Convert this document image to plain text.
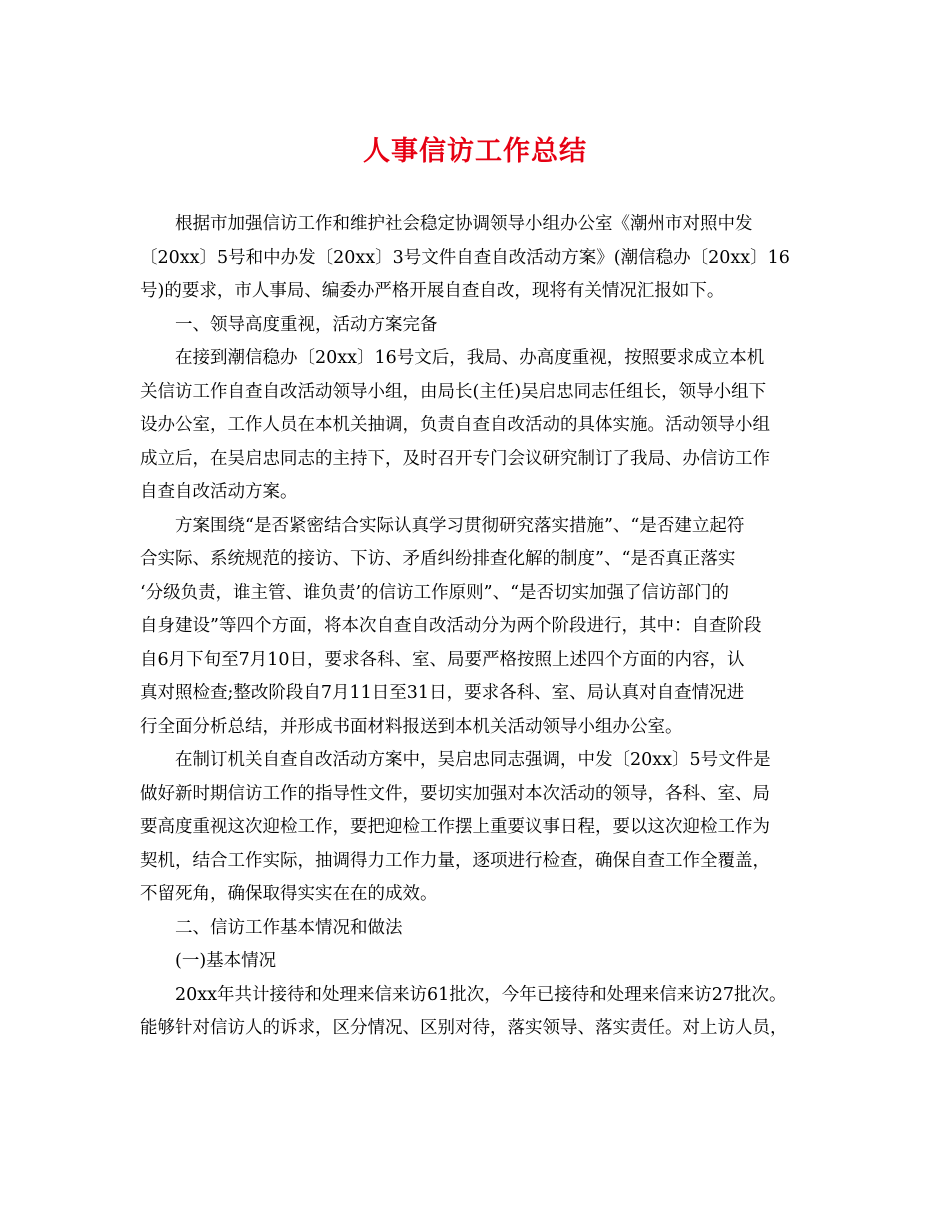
人事信访工作总结
根据市加强信访工作和维护社会稳定协调领导小组办公室《潮州市对照中发
〔20xx〕5号和中办发〔20xx〕3号文件自查自改活动方案》(潮信稳办〔20xx〕16
号)的要求，市人事局、编委办严格开展自查自改，现将有关情况汇报如下。
一、领导高度重视，活动方案完备
在接到潮信稳办〔20xx〕16号文后，我局、办高度重视，按照要求成立本机
关信访工作自查自改活动领导小组，由局长(主任)吴启忠同志任组长，领导小组下
设办公室，工作人员在本机关抽调，负责自查自改活动的具体实施。活动领导小组
成立后，在吴启忠同志的主持下，及时召开专门会议研究制订了我局、办信访工作
自查自改活动方案。
方案围绕“是否紧密结合实际认真学习贯彻研究落实措施”、“是否建立起符
合实际、系统规范的接访、下访、矛盾纠纷排查化解的制度”、“是否真正落实
‘分级负责，谁主管、谁负责’的信访工作原则”、“是否切实加强了信访部门的
自身建设”等四个方面，将本次自查自改活动分为两个阶段进行，其中：自查阶段
自6月下旬至7月10日，要求各科、室、局要严格按照上述四个方面的内容，认
真对照检查;整改阶段自7月11日至31日，要求各科、室、局认真对自查情况进
行全面分析总结，并形成书面材料报送到本机关活动领导小组办公室。
在制订机关自查自改活动方案中，吴启忠同志强调，中发〔20xx〕5号文件是
做好新时期信访工作的指导性文件，要切实加强对本次活动的领导，各科、室、局
要高度重视这次迎检工作，要把迎检工作摆上重要议事日程，要以这次迎检工作为
契机，结合工作实际，抽调得力工作力量，逐项进行检查，确保自查工作全覆盖，
不留死角，确保取得实实在在的成效。
二、信访工作基本情况和做法
(一)基本情况
20xx年共计接待和处理来信来访61批次，今年已接待和处理来信来访27批次。
能够针对信访人的诉求，区分情况、区别对待，落实领导、落实责任。对上访人员，
